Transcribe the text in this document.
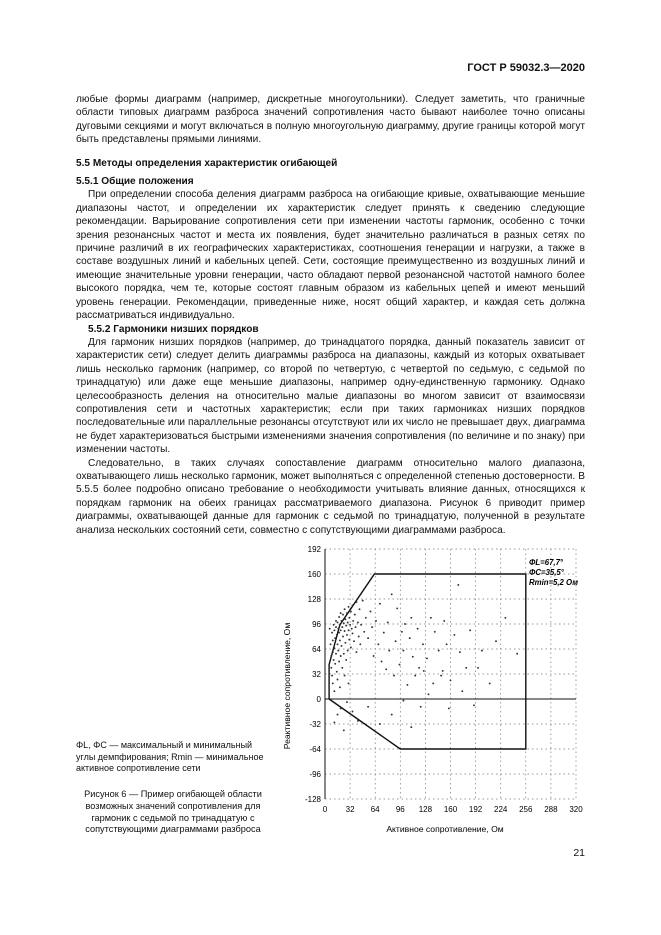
ГОСТ Р 59032.3—2020

любые формы диаграмм (например, дискретные многоугольники). Следует заметить, что граничные области типовых диаграмм разброса значений сопротивления часто бывают наиболее точно описаны дуговыми секциями и могут включаться в полную многоугольную диаграмму, другие границы которой могут быть представлены прямыми линиями.

5.5 Методы определения характеристик огибающей

5.5.1 Общие положения

При определении способа деления диаграмм разброса на огибающие кривые, охватывающие меньшие диапазоны частот, и определении их характеристик следует принять к сведению следующие рекомендации. Варьирование сопротивления сети при изменении частоты гармоник, особенно с точки зрения резонансных частот и места их появления, будет значительно различаться в разных сетях по причине различий в их географических характеристиках, соотношения генерации и нагрузки, а также в составе воздушных линий и кабельных цепей. Сети, состоящие преимущественно из воздушных линий и имеющие значительные уровни генерации, часто обладают первой резонансной частотой намного более высокого порядка, чем те, которые состоят главным образом из кабельных цепей и имеют меньший уровень генерации. Рекомендации, приведенные ниже, носят общий характер, и каждая сеть должна рассматриваться индивидуально.

5.5.2 Гармоники низших порядков

Для гармоник низших порядков (например, до тринадцатого порядка, данный показатель зависит от характеристик сети) следует делить диаграммы разброса на диапазоны, каждый из которых охватывает лишь несколько гармоник (например, со второй по четвертую, с четвертой по седьмую, с седьмой по тринадцатую) или даже еще меньшие диапазоны, например одну-единственную гармонику. Однако целесообразность деления на относительно малые диапазоны во многом зависит от взаимосвязи сопротивления сети и частотных характеристик; если при таких гармониках низших порядков последовательные или параллельные резонансы отсутствуют или их число не превышает двух, диаграмма не будет характеризоваться быстрыми изменениями значения сопротивления (по величине и по знаку) при изменении частоты.

Следовательно, в таких случаях сопоставление диаграмм относительно малого диапазона, охватывающего лишь несколько гармоник, может выполняться с определенной степенью достоверности. В 5.5.5 более подробно описано требование о необходимости учитывать влияние данных, относящихся к порядкам гармоник на обеих границах рассматриваемого диапазона. Рисунок 6 приводит пример диаграммы, охватывающей данные для гармоник с седьмой по тринадцатую, полученной в результате анализа нескольких состояний сети, совместно с сопутствующими диаграммами разброса.

ΦL, ΦC — максимальный и минимальный углы демпфирования; Rmin — минимальное активное сопротивление сети
Рисунок 6 — Пример огибающей области возможных значений сопротивления для гармоник с седьмой по тринадцатую с сопутствующими диаграммами разброса
0 32 64 96 128 160 192 224 256 288 320
192
160
128
96
64
32
0
-32
-64
-96
-128
Активное сопротивление, Ом
Реактивное сопротивление, Ом
ΦL=67,7°
ΦC=35,5°
Rmin=5,2 Ом
21
